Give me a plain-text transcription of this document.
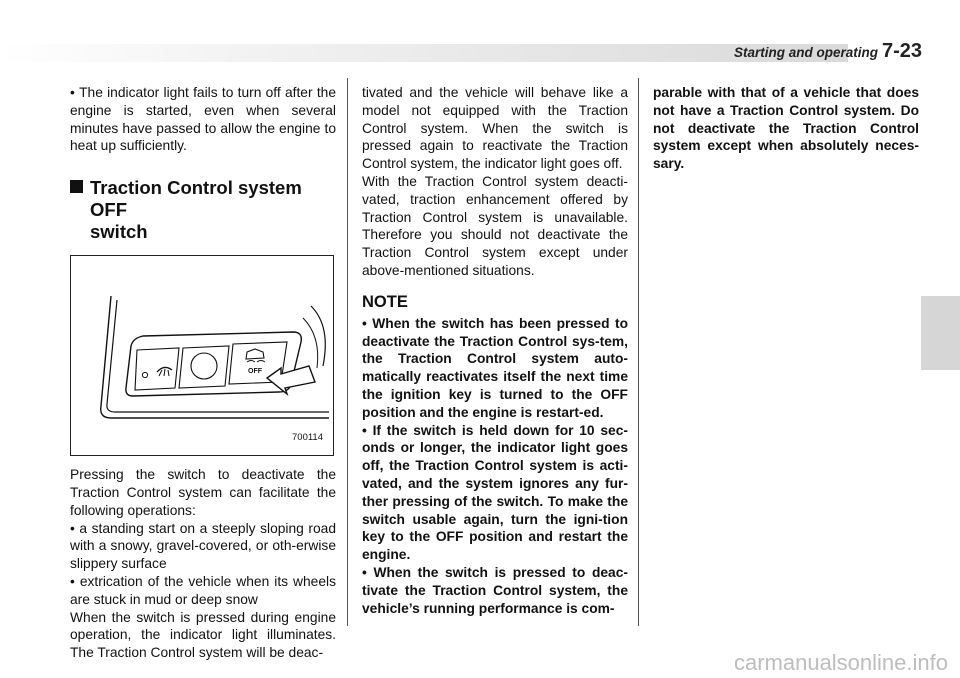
Starting and operating 7-23

• The indicator light fails to turn off after the engine is started, even when several minutes have passed to allow the engine to heat up sufficiently.

Traction Control system OFF
switch
OFF
700114

Pressing the switch to deactivate the Traction Control system can facilitate the following operations:

• a standing start on a steeply sloping road with a snowy, gravel-covered, or oth-erwise slippery surface

• extrication of the vehicle when its wheels are stuck in mud or deep snow

When the switch is pressed during engine operation, the indicator light illuminates. The Traction Control system will be deac-

tivated and the vehicle will behave like a model not equipped with the Traction Control system. When the switch is pressed again to reactivate the Traction Control system, the indicator light goes off.

With the Traction Control system deacti-vated, traction enhancement offered by Traction Control system is unavailable. Therefore you should not deactivate the Traction Control system except under above-mentioned situations.

NOTE

• When the switch has been pressed to deactivate the Traction Control sys-tem, the Traction Control system auto-matically reactivates itself the next time the ignition key is turned to the OFF position and the engine is restart-ed.

• If the switch is held down for 10 sec-onds or longer, the indicator light goes off, the Traction Control system is acti-vated, and the system ignores any fur-ther pressing of the switch. To make the switch usable again, turn the igni-tion key to the OFF position and restart the engine.

• When the switch is pressed to deac-tivate the Traction Control system, the vehicle’s running performance is com-

parable with that of a vehicle that does not have a Traction Control system. Do not deactivate the Traction Control system except when absolutely neces-sary.

carmanualsonline.info
